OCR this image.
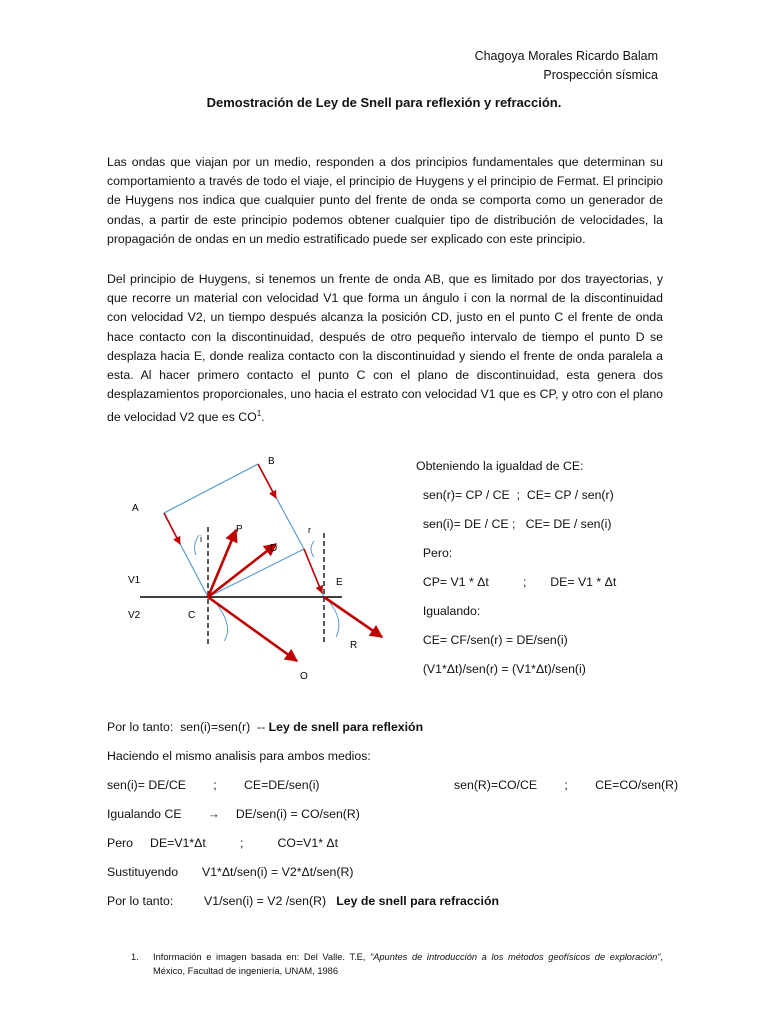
Chagoya Morales Ricardo Balam
Prospección sísmica
Demostración de Ley de Snell para reflexión y refracción.
Las ondas que viajan por un medio, responden a dos principios fundamentales que determinan su comportamiento a través de todo el viaje, el principio de Huygens y el principio de Fermat. El principio de Huygens nos indica que cualquier punto del frente de onda se comporta como un generador de ondas, a partir de este principio podemos obtener cualquier tipo de distribución de velocidades, la propagación de ondas en un medio estratificado puede ser explicado con este principio.
Del principio de Huygens, si tenemos un frente de onda AB, que es limitado por dos trayectorias, y que recorre un material con velocidad V1 que forma un ángulo i con la normal de la discontinuidad con velocidad V2, un tiempo después alcanza la posición CD, justo en el punto C el frente de onda hace contacto con la discontinuidad, después de otro pequeño intervalo de tiempo el punto D se desplaza hacia E, donde realiza contacto con la discontinuidad y siendo el frente de onda paralela a esta. Al hacer primero contacto el punto C con el plano de discontinuidad, esta genera dos desplazamientos proporcionales, uno hacia el estrato con velocidad V1 que es CP, y otro con el plano de velocidad V2 que es $CO^1$.
A
B
P
i
r
D
V1	E
V2	C
R
O
Obteniendo la igualdad de CE:
sen(r)= CP / CE  ;  CE= CP / sen(r)
sen(i)= DE / CE ;   CE= DE / sen(i)
Pero:
CP= V1 * Δt          ;       DE= V1 * Δt
Igualando:
CE= CF/sen(r) = DE/sen(i)
(V1*Δt)/sen(r) = (V1*Δt)/sen(i)
Por lo tanto:  sen(i)=sen(r)  -- Ley de snell para reflexión
Haciendo el mismo analisis para ambos medios:
sen(i)= DE/CE        ;        CE=DE/sen(i)	sen(R)=CO/CE        ;        CE=CO/sen(R)
Igualando CE → DE/sen(i) = CO/sen(R)
Pero     DE=V1*Δt          ;          CO=V1* Δt
Sustituyendo       V1*Δt/sen(i) = V2*Δt/sen(R)
Por lo tanto:         V1/sen(i) = V2 /sen(R)   Ley de snell para refracción
1. Información e imagen basada en: Del Valle. T.E, “Apuntes de introducción a los métodos geofísicos de exploración”, México, Facultad de ingeniería, UNAM, 1986
